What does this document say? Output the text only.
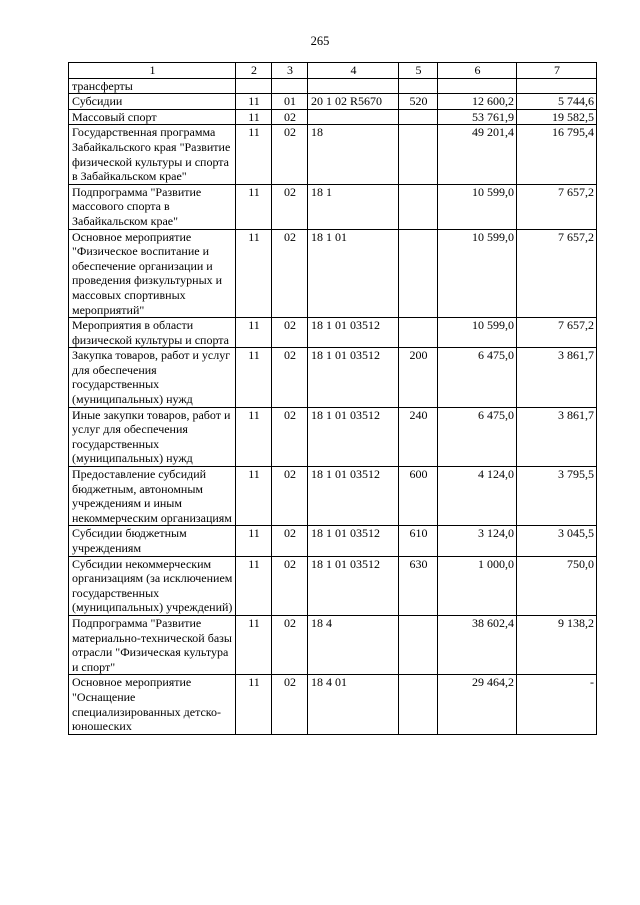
265
1	2	3	4	5	6	7
трансферты						
Субсидии	11	01	20 1 02 R5670	520	12 600,2	5 744,6
Массовый спорт	11	02			53 761,9	19 582,5
Государственная программа Забайкальского края "Развитие физической культуры и спорта в Забайкальском крае"	11	02	18		49 201,4	16 795,4
Подпрограмма "Развитие массового спорта в Забайкальском крае"	11	02	18 1		10 599,0	7 657,2
Основное мероприятие "Физическое воспитание и обеспечение организации и проведения физкультурных и массовых спортивных мероприятий"	11	02	18 1 01		10 599,0	7 657,2
Мероприятия в области физической культуры и спорта	11	02	18 1 01 03512		10 599,0	7 657,2
Закупка товаров, работ и услуг для обеспечения государственных (муниципальных) нужд	11	02	18 1 01 03512	200	6 475,0	3 861,7
Иные закупки товаров, работ и услуг для обеспечения государственных (муниципальных) нужд	11	02	18 1 01 03512	240	6 475,0	3 861,7
Предоставление субсидий бюджетным, автономным учреждениям и иным некоммерческим организациям	11	02	18 1 01 03512	600	4 124,0	3 795,5
Субсидии бюджетным учреждениям	11	02	18 1 01 03512	610	3 124,0	3 045,5
Субсидии некоммерческим организациям (за исключением государственных (муниципальных) учреждений)	11	02	18 1 01 03512	630	1 000,0	750,0
Подпрограмма "Развитие материально-технической базы отрасли "Физическая культура и спорт"	11	02	18 4		38 602,4	9 138,2
Основное мероприятие "Оснащение специализированных детско-юношеских	11	02	18 4 01		29 464,2	-
